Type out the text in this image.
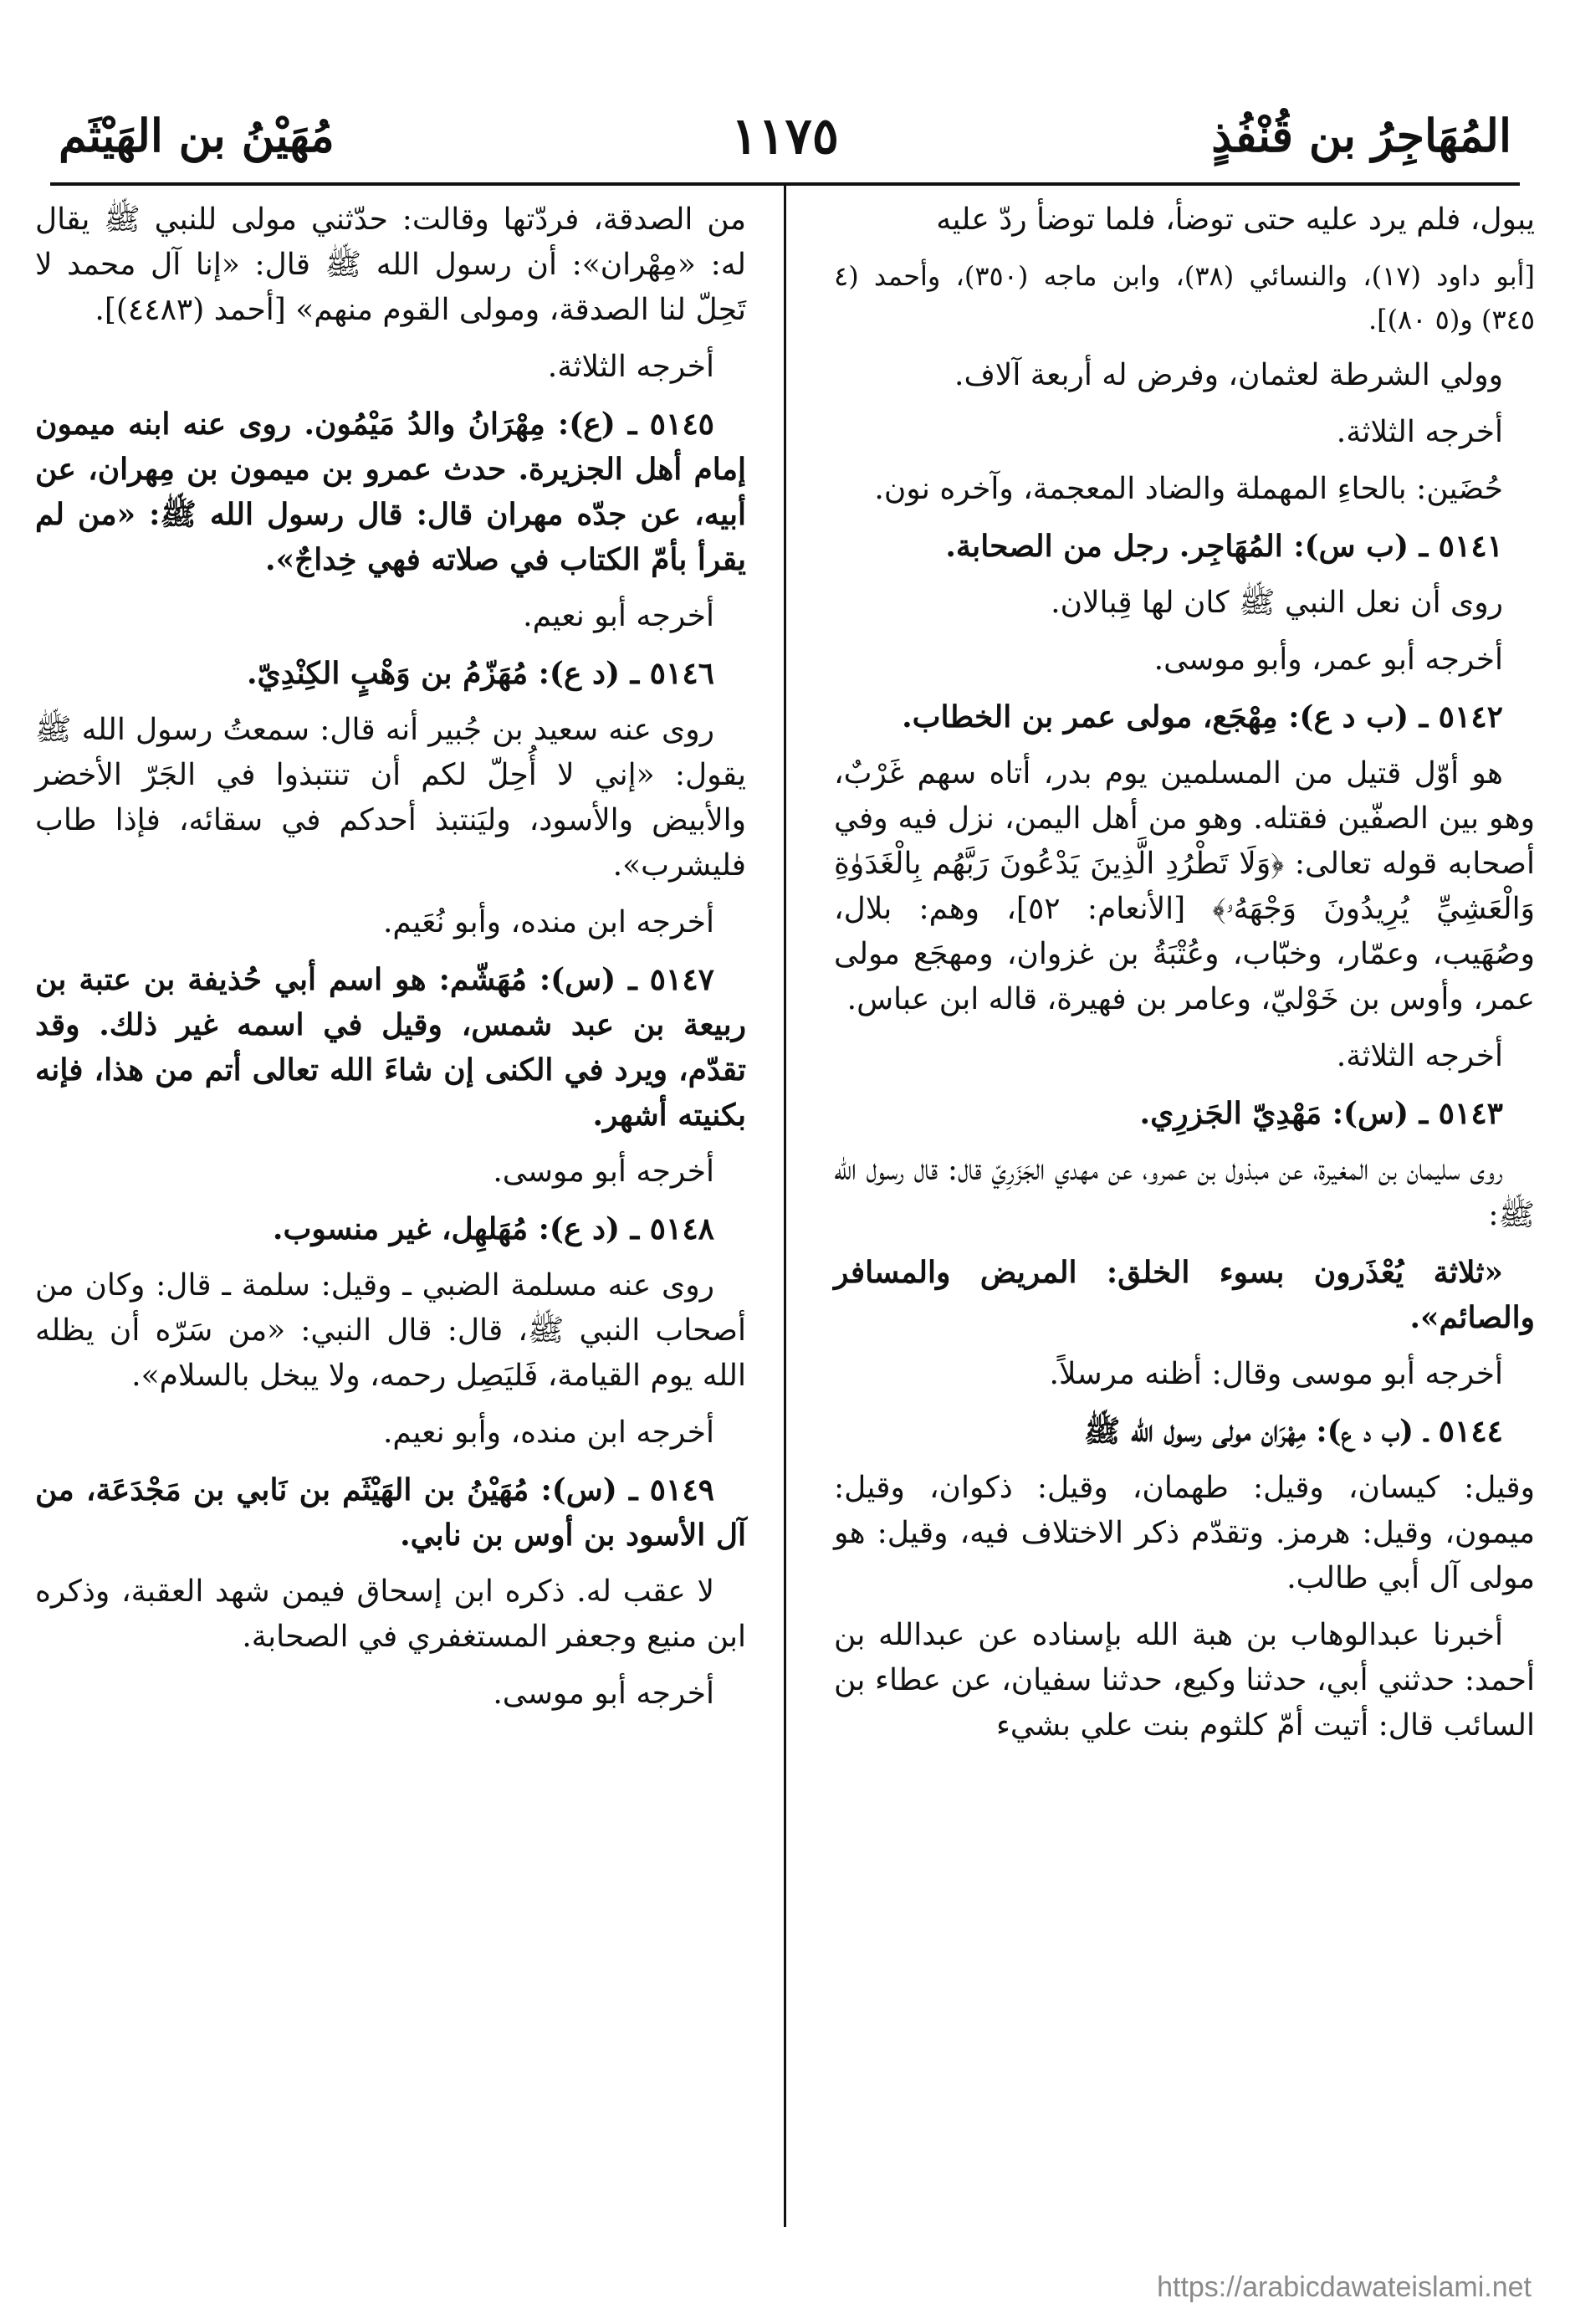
المُهَاجِرُ بن قُنْفُذٍ
١١٧٥
مُهَيْنُ بن الهَيْثَم

يبول، فلم يرد عليه حتى توضأ، فلما توضأ ردّ عليه

[أبو داود (١٧)، والنسائي (٣٨)، وابن ماجه (٣٥٠)، وأحمد (٤ ٣٤٥) و(٥ ٨٠)].

وولي الشرطة لعثمان، وفرض له أربعة آلاف.

أخرجه الثلاثة.

حُضَين: بالحاءِ المهملة والضاد المعجمة، وآخره نون.

٥١٤١ ـ (ب س): المُهَاجِر. رجل من الصحابة.

روى أن نعل النبي ﷺ كان لها قِبالان.

أخرجه أبو عمر، وأبو موسى.

٥١٤٢ ـ (ب د ع): مِهْجَع، مولى عمر بن الخطاب.

هو أوّل قتيل من المسلمين يوم بدر، أتاه سهم غَرْبٌ، وهو بين الصفّين فقتله. وهو من أهل اليمن، نزل فيه وفي أصحابه قوله تعالى: ﴿وَلَا تَطْرُدِ الَّذِينَ يَدْعُونَ رَبَّهُم بِالْغَدَوٰةِ وَالْعَشِيِّ يُرِيدُونَ وَجْهَهُۥ﴾ [الأنعام: ٥٢]، وهم: بلال، وصُهَيب، وعمّار، وخبّاب، وعُتْبَةُ بن غزوان، ومهجَع مولى عمر، وأوس بن خَوْليّ، وعامر بن فهيرة، قاله ابن عباس.

أخرجه الثلاثة.

٥١٤٣ ـ (س): مَهْدِيّ الجَزرِي.

روى سليمان بن المغيرة، عن مبذول بن عمرو، عن مهدي الجَزَرِيّ قال: قال رسول الله ﷺ:

«ثلاثة يُعْذَرون بسوء الخلق: المريض والمسافر والصائم».

أخرجه أبو موسى وقال: أظنه مرسلاً.

٥١٤٤ ـ (ب د ع): مِهْرَان مولى رسول الله ﷺ

وقيل: كيسان، وقيل: طهمان، وقيل: ذكوان، وقيل: ميمون، وقيل: هرمز. وتقدّم ذكر الاختلاف فيه، وقيل: هو مولى آل أبي طالب.

أخبرنا عبدالوهاب بن هبة الله بإسناده عن عبدالله بن أحمد: حدثني أبي، حدثنا وكيع، حدثنا سفيان، عن عطاء بن السائب قال: أتيت أمّ كلثوم بنت علي بشيء

من الصدقة، فردّتها وقالت: حدّثني مولى للنبي ﷺ يقال له: «مِهْران»: أن رسول الله ﷺ قال: «إنا آل محمد لا تَحِلّ لنا الصدقة، ومولى القوم منهم» [أحمد (٤٤٨٣)].

أخرجه الثلاثة.

٥١٤٥ ـ (ع): مِهْرَانُ والدُ مَيْمُون. روى عنه ابنه ميمون إمام أهل الجزيرة. حدث عمرو بن ميمون بن مِهران، عن أبيه، عن جدّه مهران قال: قال رسول الله ﷺ: «من لم يقرأ بأمّ الكتاب في صلاته فهي خِداجٌ».

أخرجه أبو نعيم.

٥١٤٦ ـ (د ع): مُهَزّمُ بن وَهْبٍ الكِنْدِيّ.

روى عنه سعيد بن جُبير أنه قال: سمعتُ رسول الله ﷺ يقول: «إني لا أُحِلّ لكم أن تنتبذوا في الجَرّ الأخضر والأبيض والأسود، وليَنتبذ أحدكم في سقائه، فإذا طاب فليشرب».

أخرجه ابن منده، وأبو نُعَيم.

٥١٤٧ ـ (س): مُهَشّم: هو اسم أبي حُذيفة بن عتبة بن ربيعة بن عبد شمس، وقيل في اسمه غير ذلك. وقد تقدّم، ويرد في الكنى إن شاءَ الله تعالى أتم من هذا، فإنه بكنيته أشهر.

أخرجه أبو موسى.

٥١٤٨ ـ (د ع): مُهَلهِل، غير منسوب.

روى عنه مسلمة الضبي ـ وقيل: سلمة ـ قال: وكان من أصحاب النبي ﷺ، قال: قال النبي: «من سَرّه أن يظله الله يوم القيامة، فَليَصِل رحمه، ولا يبخل بالسلام».

أخرجه ابن منده، وأبو نعيم.

٥١٤٩ ـ (س): مُهَيْنُ بن الهَيْثَم بن نَابي بن مَجْدَعَة، من آل الأسود بن أوس بن نابي.

لا عقب له. ذكره ابن إسحاق فيمن شهد العقبة، وذكره ابن منيع وجعفر المستغفري في الصحابة.

أخرجه أبو موسى.

https://arabicdawateislami.net
